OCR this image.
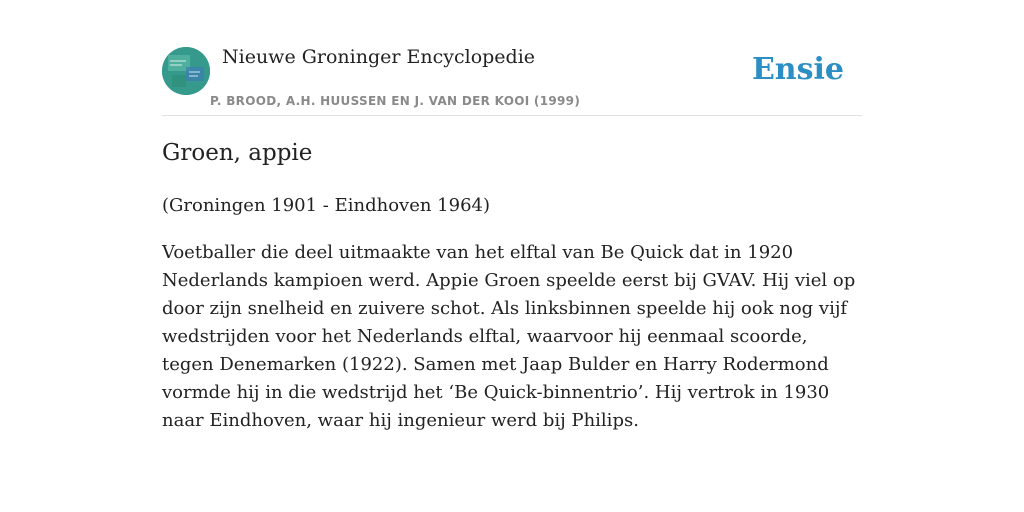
Nieuwe Groninger Encyclopedie
P. BROOD, A.H. HUUSSEN EN J. VAN DER KOOI (1999)
Ensie
Groen, appie

(Groningen 1901 - Eindhoven 1964)

Voetballer die deel uitmaakte van het elftal van Be Quick dat in 1920 Nederlands kampioen werd. Appie Groen speelde eerst bij GVAV. Hij viel op door zijn snelheid en zuivere schot. Als linksbinnen speelde hij ook nog vijf wedstrijden voor het Nederlands elftal, waarvoor hij eenmaal scoorde, tegen Denemarken (1922). Samen met Jaap Bulder en Harry Rodermond vormde hij in die wedstrijd het ‘Be Quick-binnentrio’. Hij vertrok in 1930 naar Eindhoven, waar hij ingenieur werd bij Philips.
